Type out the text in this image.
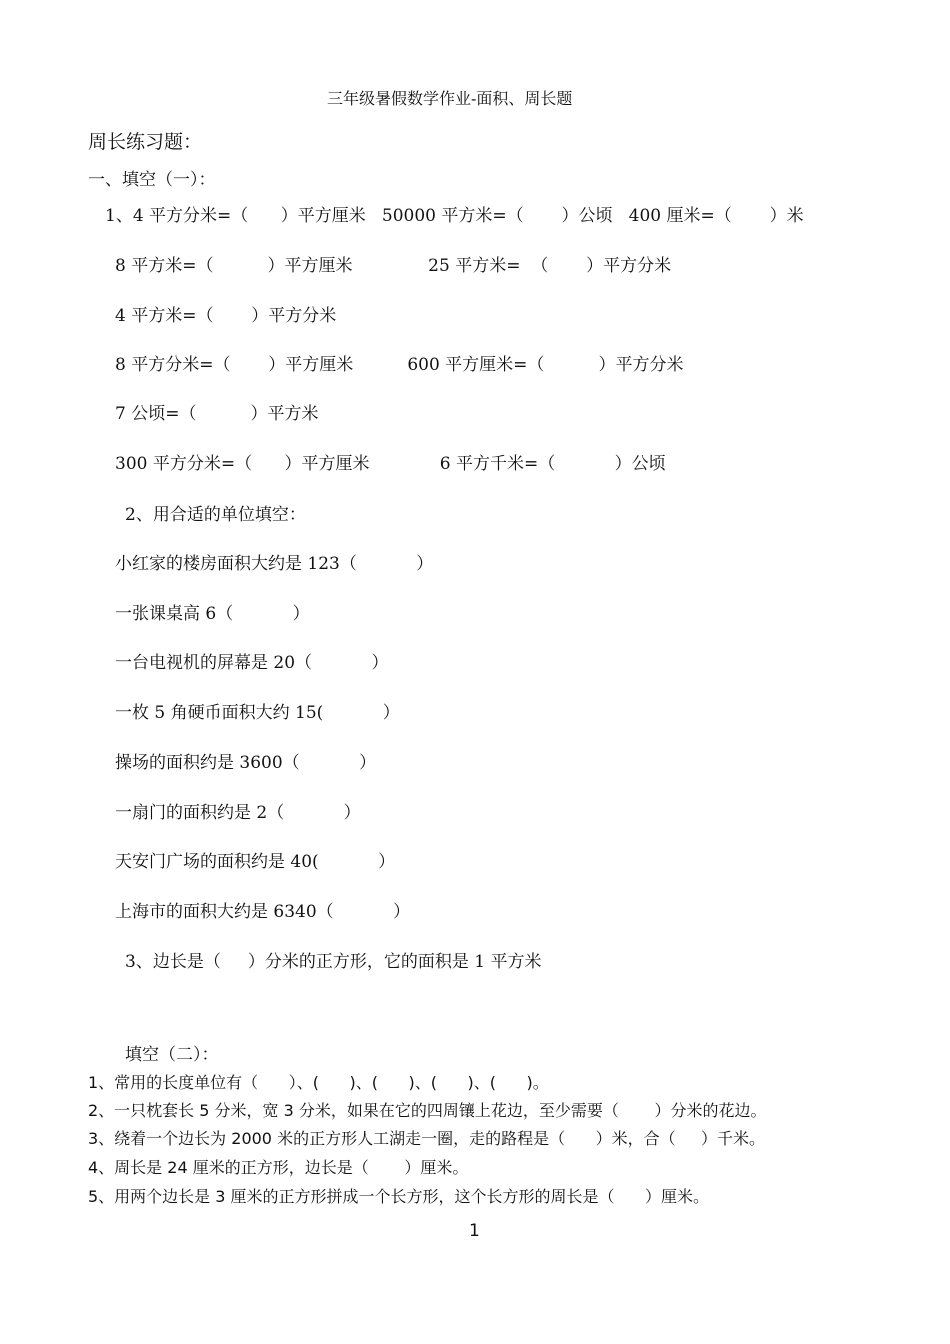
三年级暑假数学作业-面积、周长题
周长练习题：
一、填空（一）：
1、4 平方分米=（      ）平方厘米   50000 平方米=（       ）公顷   400 厘米=（       ）米
8 平方米=（          ）平方厘米              25 平方米=  （       ）平方分米
4 平方米=（       ）平方分米
8 平方分米=（       ）平方厘米          600 平方厘米=（          ）平方分米
7 公顷=（          ）平方米
300 平方分米=（      ）平方厘米             6 平方千米=（           ）公顷
2、用合适的单位填空：
小红家的楼房面积大约是 123（           ）
一张课桌高 6（           ）
一台电视机的屏幕是 20（           ）
一枚 5 角硬币面积大约 15(           ）
操场的面积约是 3600（           ）
一扇门的面积约是 2（           ）
天安门广场的面积约是 40(           ）
上海市的面积大约是 6340（           ）
3、边长是（     ）分米的正方形，它的面积是 1 平方米
填空（二）：
1、常用的长度单位有（      ）、(      )、(      )、(      )、(      )。
2、一只枕套长 5 分米，宽 3 分米，如果在它的四周镶上花边，至少需要（       ）分米的花边。
3、绕着一个边长为 2000 米的正方形人工湖走一圈，走的路程是（      ）米，合（     ）千米。
4、周长是 24 厘米的正方形，边长是（       ）厘米。
5、用两个边长是 3 厘米的正方形拼成一个长方形，这个长方形的周长是（      ）厘米。
1
